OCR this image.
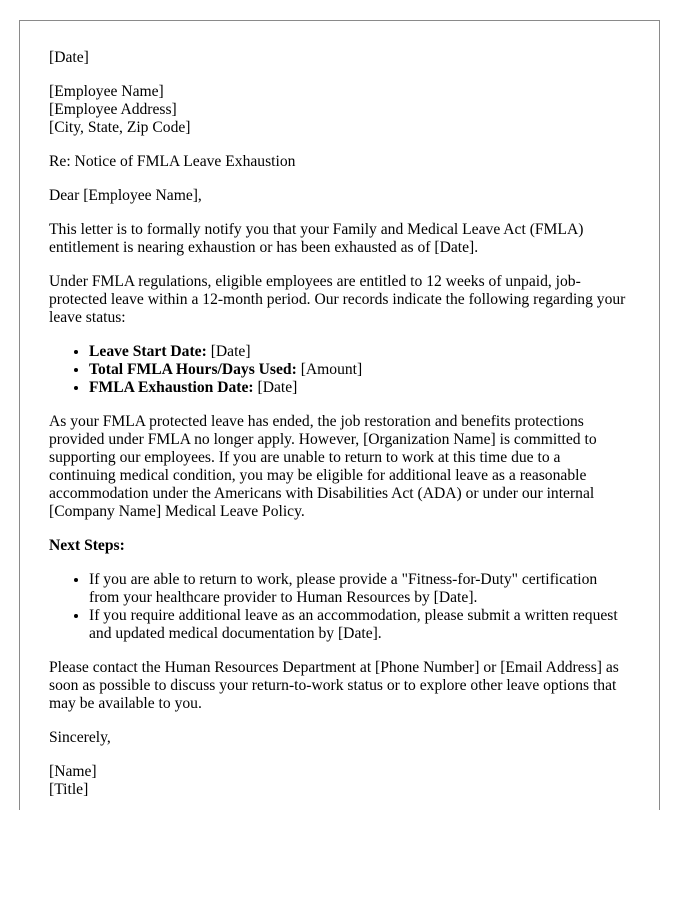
[Date]

[Employee Name]
[Employee Address]
[City, State, Zip Code]

Re: Notice of FMLA Leave Exhaustion

Dear [Employee Name],

This letter is to formally notify you that your Family and Medical Leave Act (FMLA) entitlement is nearing exhaustion or has been exhausted as of [Date].

Under FMLA regulations, eligible employees are entitled to 12 weeks of unpaid, job-protected leave within a 12-month period. Our records indicate the following regarding your leave status:

• Leave Start Date: [Date]
• Total FMLA Hours/Days Used: [Amount]
• FMLA Exhaustion Date: [Date]

As your FMLA protected leave has ended, the job restoration and benefits protections provided under FMLA no longer apply. However, [Organization Name] is committed to supporting our employees. If you are unable to return to work at this time due to a continuing medical condition, you may be eligible for additional leave as a reasonable accommodation under the Americans with Disabilities Act (ADA) or under our internal [Company Name] Medical Leave Policy.

Next Steps:

• If you are able to return to work, please provide a "Fitness-for-Duty" certification from your healthcare provider to Human Resources by [Date].
• If you require additional leave as an accommodation, please submit a written request and updated medical documentation by [Date].

Please contact the Human Resources Department at [Phone Number] or [Email Address] as soon as possible to discuss your return-to-work status or to explore other leave options that may be available to you.

Sincerely,

[Name]
[Title]
